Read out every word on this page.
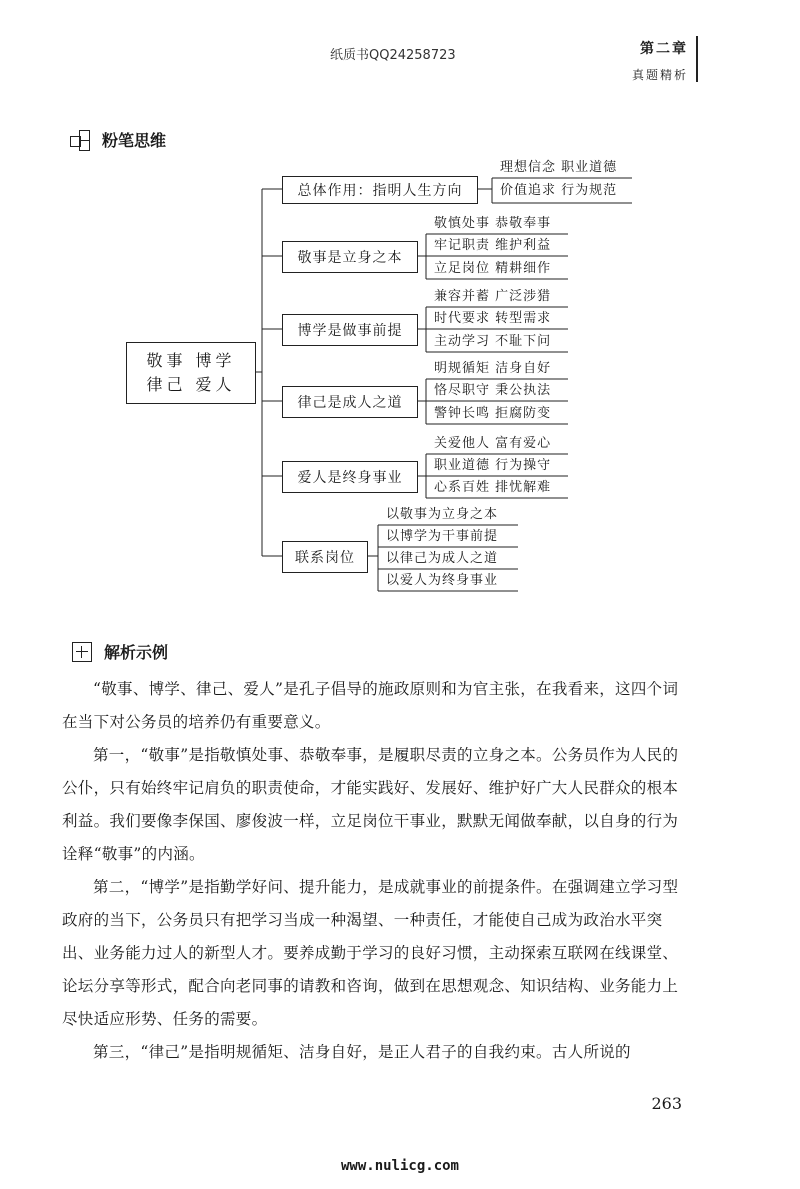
纸质书QQ24258723	第二章
真题精析
粉笔思维
敬事 博学
律己 爱人
总体作用：指明人生方向
敬事是立身之本
博学是做事前提
律己是成人之道
爱人是终身事业
联系岗位
理想信念 职业道德
价值追求 行为规范
敬慎处事 恭敬奉事
牢记职责 维护利益
立足岗位 精耕细作
兼容并蓄 广泛涉猎
时代要求 转型需求
主动学习 不耻下问
明规循矩 洁身自好
恪尽职守 秉公执法
警钟长鸣 拒腐防变
关爱他人 富有爱心
职业道德 行为操守
心系百姓 排忧解难
以敬事为立身之本
以博学为干事前提
以律己为成人之道
以爱人为终身事业
解析示例

“敬事、博学、律己、爱人”是孔子倡导的施政原则和为官主张，在我看来，这四个词在当下对公务员的培养仍有重要意义。

第一，“敬事”是指敬慎处事、恭敬奉事，是履职尽责的立身之本。公务员作为人民的公仆，只有始终牢记肩负的职责使命，才能实践好、发展好、维护好广大人民群众的根本利益。我们要像李保国、廖俊波一样，立足岗位干事业，默默无闻做奉献，以自身的行为诠释“敬事”的内涵。

第二，“博学”是指勤学好问、提升能力，是成就事业的前提条件。在强调建立学习型政府的当下，公务员只有把学习当成一种渴望、一种责任，才能使自己成为政治水平突出、业务能力过人的新型人才。要养成勤于学习的良好习惯，主动探索互联网在线课堂、论坛分享等形式，配合向老同事的请教和咨询，做到在思想观念、知识结构、业务能力上尽快适应形势、任务的需要。

第三，“律己”是指明规循矩、洁身自好，是正人君子的自我约束。古人所说的

263
www.nulicg.com
